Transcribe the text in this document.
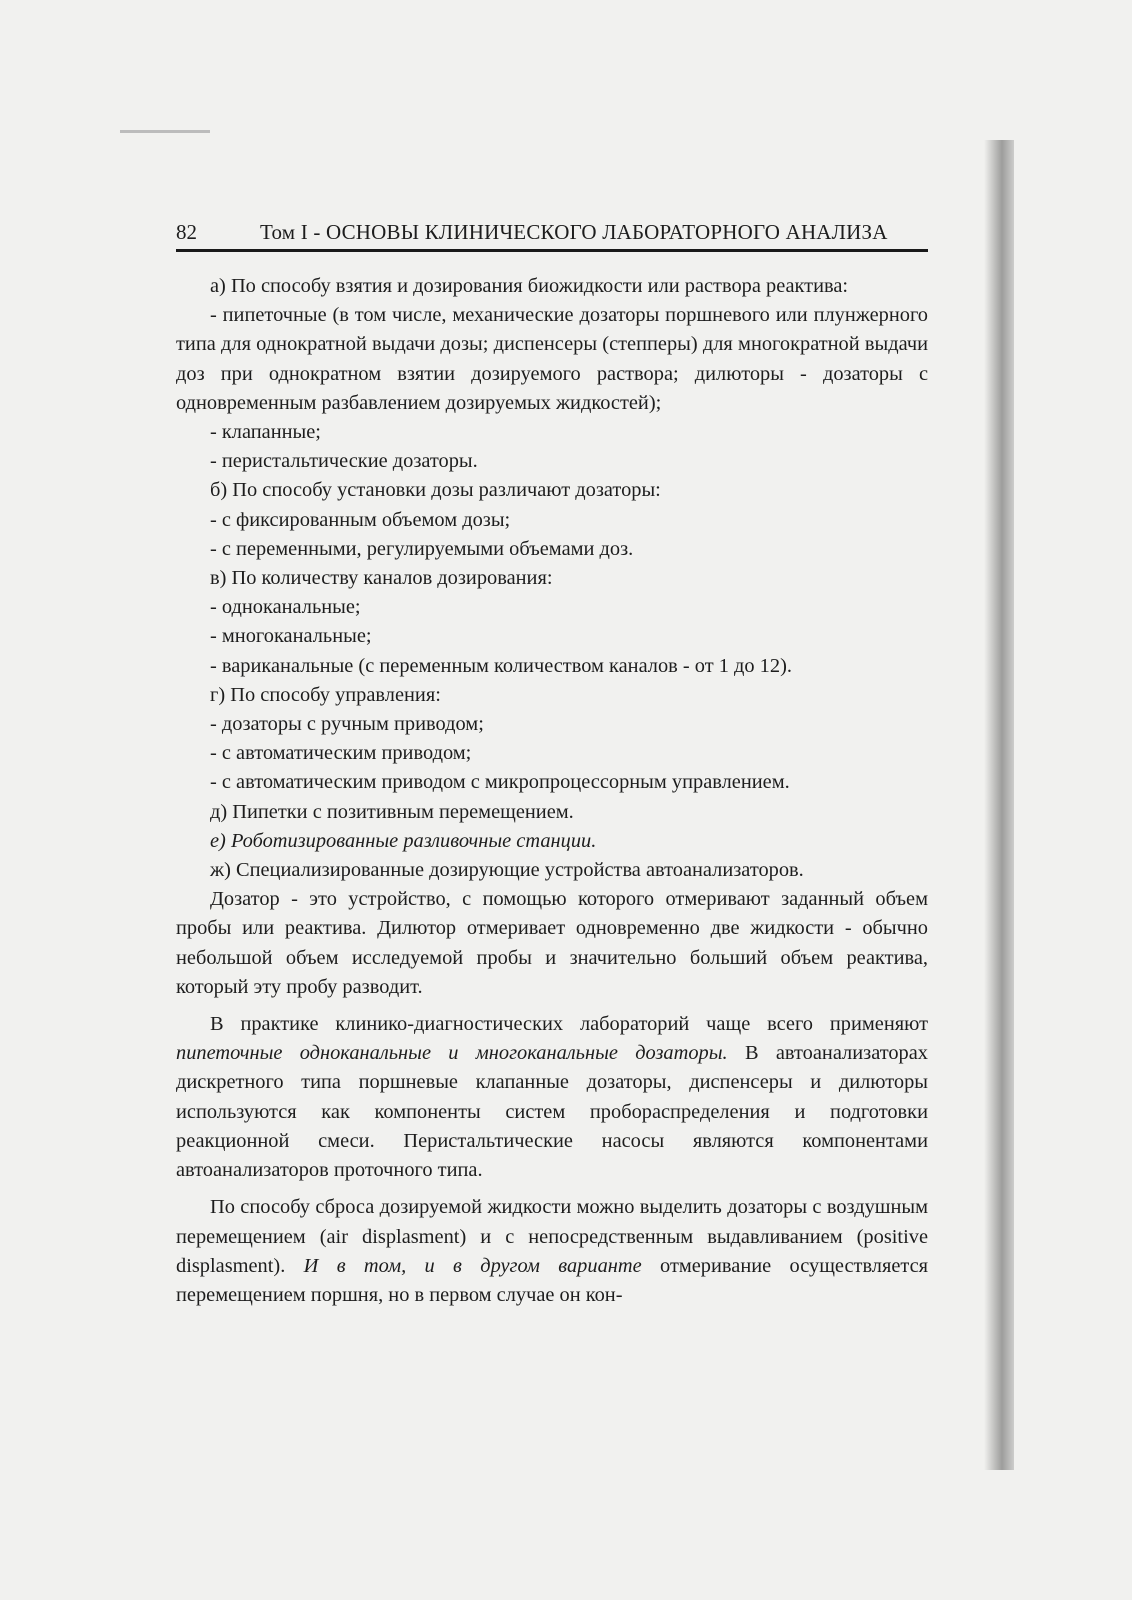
82	Том I - ОСНОВЫ КЛИНИЧЕСКОГО ЛАБОРАТОРНОГО АНАЛИЗА

а) По способу взятия и дозирования биожидкости или раствора реактива:

- пипеточные (в том числе, механические дозаторы поршневого или плунжерного типа для однократной выдачи дозы; диспенсеры (степперы) для многократной выдачи доз при однократном взятии дозируемого раствора; дилюторы - дозаторы с одновременным разбавлением дозируемых жидкостей);

- клапанные;

- перистальтические дозаторы.

б) По способу установки дозы различают дозаторы:

- с фиксированным объемом дозы;

- с переменными, регулируемыми объемами доз.

в) По количеству каналов дозирования:

- одноканальные;

- многоканальные;

- вариканальные (с переменным количеством каналов - от 1 до 12).

г) По способу управления:

- дозаторы с ручным приводом;

- с автоматическим приводом;

- с автоматическим приводом с микропроцессорным управлением.

д) Пипетки с позитивным перемещением.

е) Роботизированные разливочные станции.

ж) Специализированные дозирующие устройства автоанализаторов.

Дозатор - это устройство, с помощью которого отмеривают заданный объем пробы или реактива. Дилютор отмеривает одновременно две жидкости - обычно небольшой объем исследуемой пробы и значительно больший объем реактива, который эту пробу разводит.

В практике клинико-диагностических лабораторий чаще всего применяют пипеточные одноканальные и многоканальные дозаторы. В автоанализаторах дискретного типа поршневые клапанные дозаторы, диспенсеры и дилюторы используются как компоненты систем пробораспределения и подготовки реакционной смеси. Перистальтические насосы являются компонентами автоанализаторов проточного типа.

По способу сброса дозируемой жидкости можно выделить дозаторы с воздушным перемещением (air displasment) и с непосредственным выдавливанием (positive displasment). И в том, и в другом варианте отмеривание осуществляется перемещением поршня, но в первом случае он кон-
